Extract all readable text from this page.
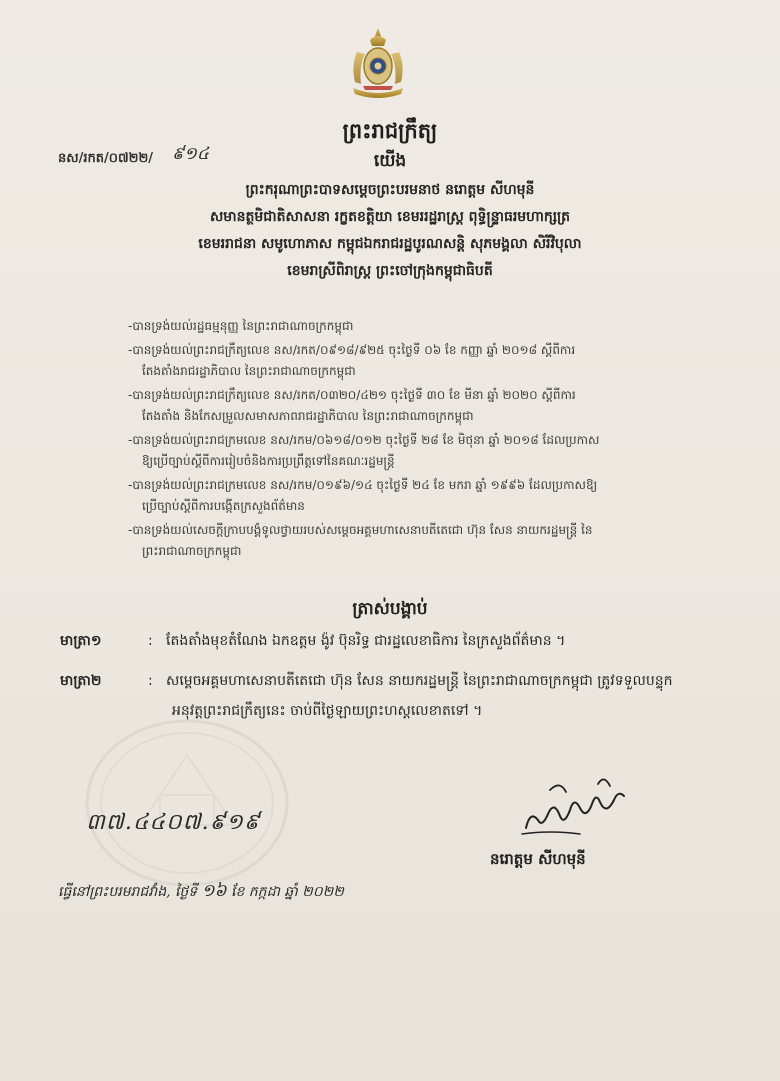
ព្រះរាជក្រឹត្យ
នស/រកត/០៧២២/ ៩១៤	យើង
ព្រះករុណាព្រះបាទសម្តេចព្រះបរមនាថ នរោត្តម សីហមុនី
សមានត្ថមិជាតិសាសនា រក្ខតខត្តិយា ខេមររដ្ឋរាស្ត្រ ពុទ្ធិន្ទ្រាធរមហាក្សត្រ
ខេមររាជនា សមូហោភាស កម្ពុជឯករាជរដ្ឋបូរណសន្តិ សុភមង្គលា សិរីវិបុលា
ខេមរាស្រីពិរាស្ត្រ ព្រះចៅក្រុងកម្ពុជាធិបតី
-បានទ្រង់យល់រដ្ឋធម្មនុញ្ញ នៃព្រះរាជាណាចក្រកម្ពុជា
-បានទ្រង់យល់ព្រះរាជក្រឹត្យលេខ នស/រកត/០៩១៨/៩២៥ ចុះថ្ងៃទី ០៦ ខែ កញ្ញា ឆ្នាំ ២០១៨ ស្តីពីការ
តែងតាំងរាជរដ្ឋាភិបាល នៃព្រះរាជាណាចក្រកម្ពុជា
-បានទ្រង់យល់ព្រះរាជក្រឹត្យលេខ នស/រកត/០៣២០/៤២១ ចុះថ្ងៃទី ៣០ ខែ មីនា ឆ្នាំ ២០២០ ស្តីពីការ
តែងតាំង និងកែសម្រួលសមាសភាពរាជរដ្ឋាភិបាល នៃព្រះរាជាណាចក្រកម្ពុជា
-បានទ្រង់យល់ព្រះរាជក្រមលេខ នស/រកម/០៦១៨/០១២ ចុះថ្ងៃទី ២៨ ខែ មិថុនា ឆ្នាំ ២០១៨ ដែលប្រកាស
ឱ្យប្រើច្បាប់ស្តីពីការរៀបចំនិងការប្រព្រឹត្តទៅនៃគណៈរដ្ឋមន្ត្រី
-បានទ្រង់យល់ព្រះរាជក្រមលេខ នស/រកម/០១៩៦/១៤ ចុះថ្ងៃទី ២៤ ខែ មករា ឆ្នាំ ១៩៩៦ ដែលប្រកាសឱ្យ
ប្រើច្បាប់ស្តីពីការបង្កើតក្រសួងព័ត៌មាន
-បានទ្រង់យល់សេចក្តីក្រាបបង្គំទូលថ្វាយរបស់សម្តេចអគ្គមហាសេនាបតីតេជោ ហ៊ុន សែន នាយករដ្ឋមន្ត្រី នៃ
ព្រះរាជាណាចក្រកម្ពុជា
ត្រាស់បង្គាប់
មាត្រា១	: តែងតាំងមុខតំណែង ឯកឧត្តម ង៉ូវ ប៊ុនរិទ្ធ ជារដ្ឋលេខាធិការ នៃក្រសួងព័ត៌មាន ។
មាត្រា២	: សម្តេចអគ្គមហាសេនាបតីតេជោ ហ៊ុន សែន នាយករដ្ឋមន្ត្រី នៃព្រះរាជាណាចក្រកម្ពុជា ត្រូវទទួលបន្ទុក
អនុវត្តព្រះរាជក្រឹត្យនេះ ចាប់ពីថ្ងៃឡាយព្រះហស្តលេខាតទៅ ។
៣៧.៤៤០៧.៩១៩
នរោត្តម សីហមុនី
ធ្វើនៅព្រះបរមរាជវាំង, ថ្ងៃទី ១៦ ខែ កក្កដា ឆ្នាំ ២០២២
